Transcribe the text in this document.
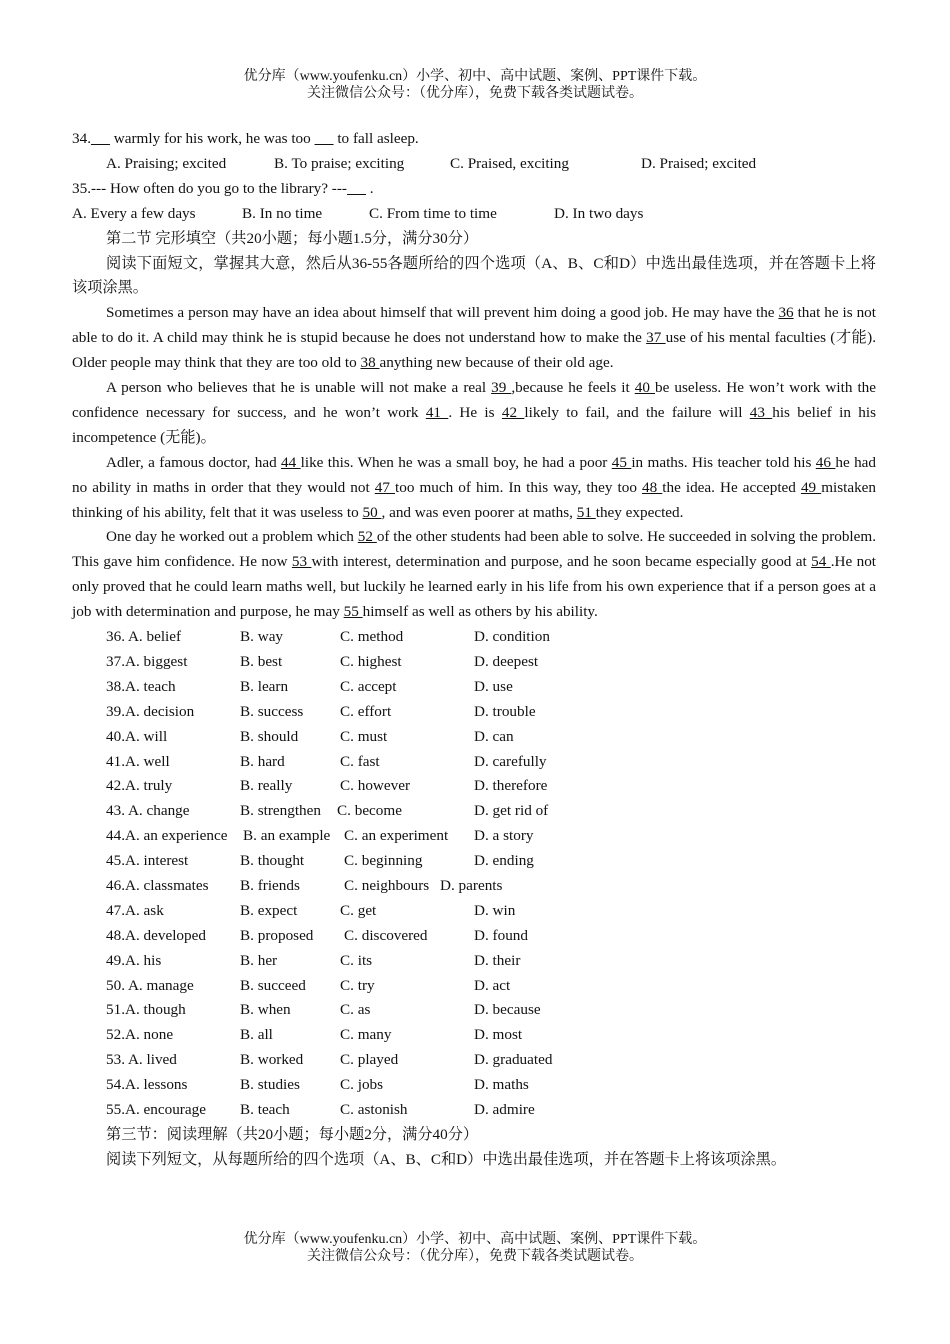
优分库（www.youfenku.cn）小学、初中、高中试题、案例、PPT课件下载。
关注微信公众号：（优分库），免费下载各类试题试卷。
34.      warmly for his work, he was too       to fall asleep.
A. Praising; excited	B. To praise; exciting	C. Praised, exciting	D. Praised; excited
35.--- How often do you go to the library? ---      .
A. Every a few days	B. In no time	C. From time to time	D. In two days
第二节 完形填空（共20小题；每小题1.5分，满分30分）
阅读下面短文，掌握其大意，然后从36-55各题所给的四个选项（A、B、C和D）中选出最佳选项，并在答题卡上将该项涂黑。
Sometimes a person may have an idea about himself that will prevent him doing a good job. He may have the 36 that he is not able to do it. A child may think he is stupid because he does not understand how to make the 37 use of his mental faculties (才能). Older people may think that they are too old to 38 anything new because of their old age.
A person who believes that he is unable will not make a real 39 ,because he feels it 40 be useless. He won’t work with the confidence necessary for success, and he won’t work 41 . He is 42 likely to fail, and the failure will 43 his belief in his incompetence (无能)。
Adler, a famous doctor, had 44 like this. When he was a small boy, he had a poor 45 in maths. His teacher told his 46 he had no ability in maths in order that they would not 47 too much of him. In this way, they too 48 the idea. He accepted 49 mistaken thinking of his ability, felt that it was useless to 50 , and was even poorer at maths, 51 they expected.
One day he worked out a problem which 52 of the other students had been able to solve. He succeeded in solving the problem. This gave him confidence. He now 53 with interest, determination and purpose, and he soon became especially good at 54 .He not only proved that he could learn maths well, but luckily he learned early in his life from his own experience that if a person goes at a job with determination and purpose, he may 55 himself as well as others by his ability.
36. A. belief	B. way	C. method	D. condition
37.A. biggest	B. best	C. highest	D. deepest
38.A. teach	B. learn	C. accept	D. use
39.A. decision	B. success C. effort	D. trouble
40.A. will	B. should	C. must	D. can
41.A. well	B. hard	C. fast	D. carefully
42.A. truly	B. really	C. however	D. therefore
43. A. change	B. strengthen C. become	D. get rid of
44.A. an experience B. an example C. an experiment D. a story
45.A. interest	B. thought	C. beginning	D. ending
46.A. classmates B. friends	C. neighbours D. parents
47.A. ask	B. expect	C. get	D. win
48.A. developed B. proposed C. discovered	D. found
49.A. his	B. her	C. its	D. their
50. A. manage	B. succeed C. try	D. act
51.A. though	B. when	C. as	D. because
52.A. none	B. all	C. many	D. most
53. A. lived	B. worked C. played	D. graduated
54.A. lessons	B. studies	C. jobs	D. maths
55.A. encourage B. teach	C. astonish	D. admire
第三节：阅读理解（共20小题；每小题2分，满分40分）
阅读下列短文，从每题所给的四个选项（A、B、C和D）中选出最佳选项，并在答题卡上将该项涂黑。
优分库（www.youfenku.cn）小学、初中、高中试题、案例、PPT课件下载。
关注微信公众号：（优分库），免费下载各类试题试卷。
